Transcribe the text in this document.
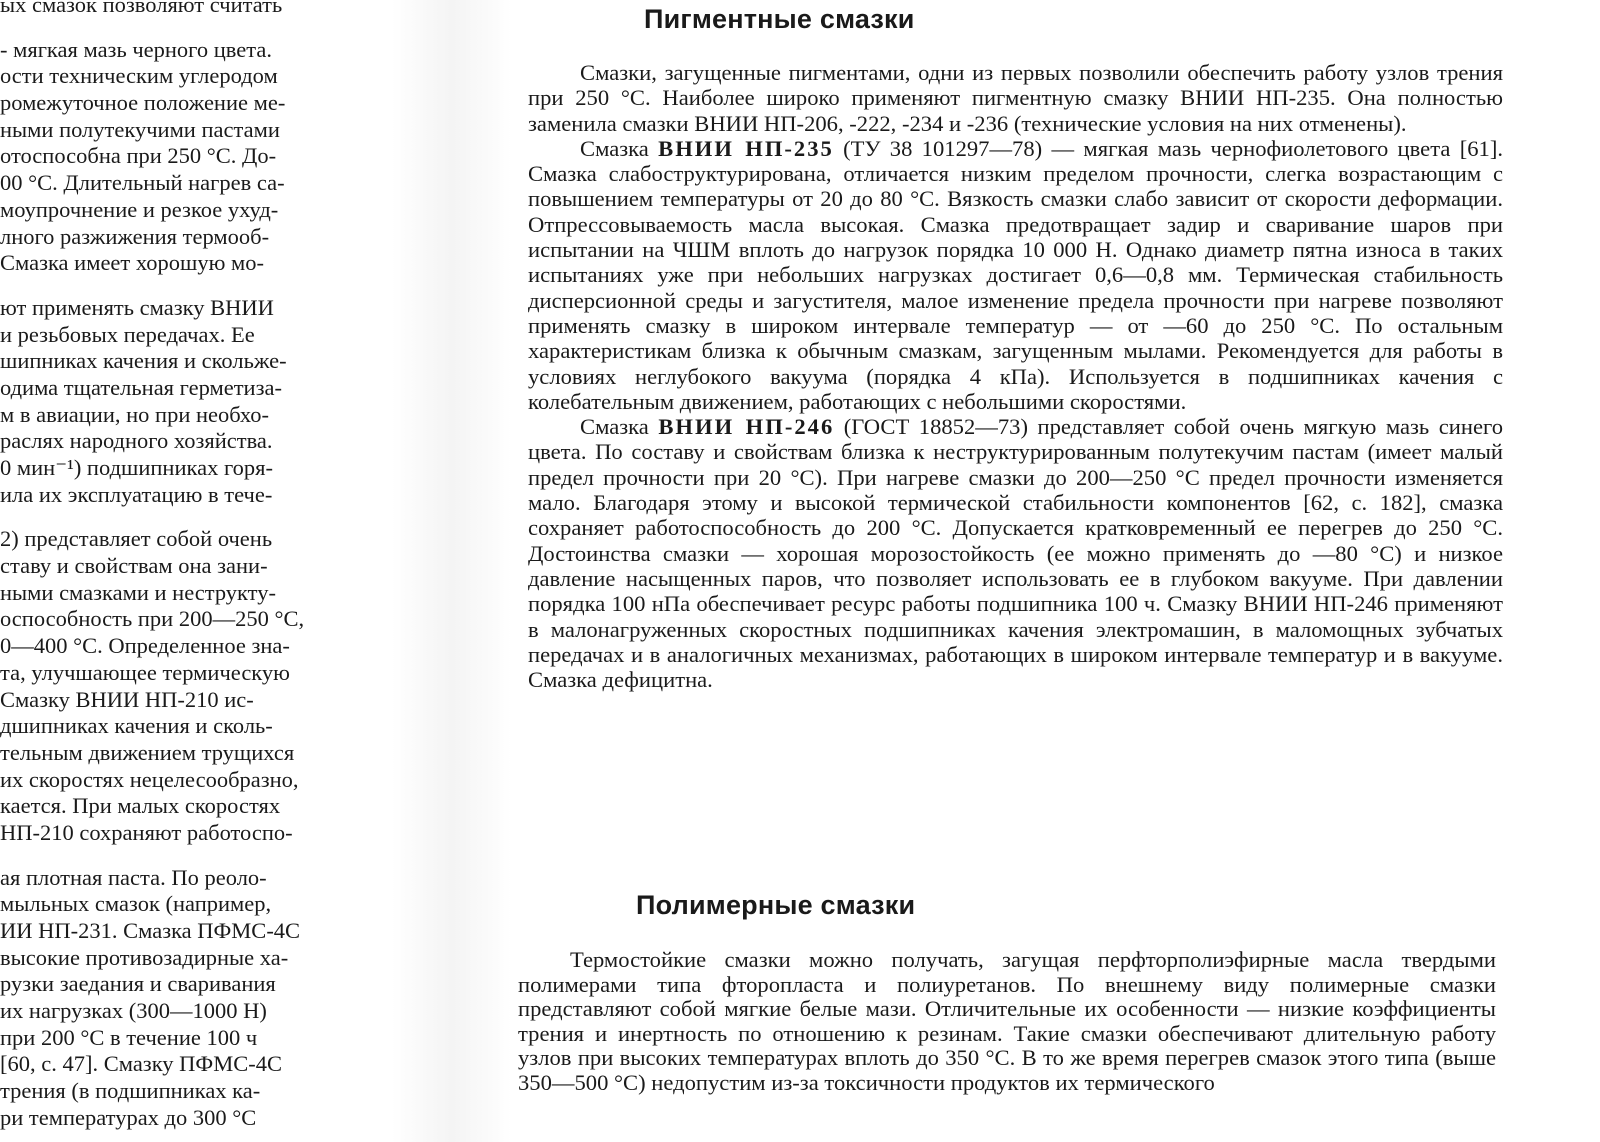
ых смазок позволяют считать
- мягкая мазь черного цвета.
ости техническим углеродом
ромежуточное положение ме-
ными полутекучими пастами
отоспособна при 250 °С. До-
00 °С. Длительный нагрев са-
моупрочнение и резкое ухуд-
лного разжижения термооб-
Смазка имеет хорошую мо-
ют применять смазку ВНИИ
и резьбовых передачах. Ее
шипниках качения и скольже-
одима тщательная герметиза-
м в авиации, но при необхо-
раслях народного хозяйства.
0 мин⁻¹) подшипниках горя-
ила их эксплуатацию в тече-
2) представляет собой очень
ставу и свойствам она зани-
ными смазками и неструкту-
оспособность при 200—250 °С,
0—400 °С. Определенное зна-
та, улучшающее термическую
Смазку ВНИИ НП-210 ис-
дшипниках качения и сколь-
тельным движением трущихся
их скоростях нецелесообразно,
кается. При малых скоростях
НП-210 сохраняют работоспо-
ая плотная паста. По реоло-
мыльных смазок (например,
ИИ НП-231. Смазка ПФМС-4С
высокие противозадирные ха-
рузки заедания и сваривания
их нагрузках (300—1000 Н)
при 200 °С в течение 100 ч
[60, с. 47]. Смазку ПФМС-4С
трения (в подшипниках ка-
ри температурах до 300 °С
Пигментные смазки

Смазки, загущенные пигментами, одни из первых позволили обеспечить работу узлов трения при 250 °С. Наиболее широко применяют пигментную смазку ВНИИ НП-235. Она полностью заменила смазки ВНИИ НП-206, -222, -234 и -236 (технические условия на них отменены).

Смазка ВНИИ НП-235 (ТУ 38 101297—78) — мягкая мазь чернофиолетового цвета [61]. Смазка слабоструктурирована, отличается низким пределом прочности, слегка возрастающим с повышением температуры от 20 до 80 °С. Вязкость смазки слабо зависит от скорости деформации. Отпрессовываемость масла высокая. Смазка предотвращает задир и сваривание шаров при испытании на ЧШМ вплоть до нагрузок порядка 10 000 Н. Однако диаметр пятна износа в таких испытаниях уже при небольших нагрузках достигает 0,6—0,8 мм. Термическая стабильность дисперсионной среды и загустителя, малое изменение предела прочности при нагреве позволяют применять смазку в широком интервале температур — от —60 до 250 °С. По остальным характеристикам близка к обычным смазкам, загущенным мылами. Рекомендуется для работы в условиях неглубокого вакуума (порядка 4 кПа). Используется в подшипниках качения с колебательным движением, работающих с небольшими скоростями.

Смазка ВНИИ НП-246 (ГОСТ 18852—73) представляет собой очень мягкую мазь синего цвета. По составу и свойствам близка к неструктурированным полутекучим пастам (имеет малый предел прочности при 20 °С). При нагреве смазки до 200—250 °С предел прочности изменяется мало. Благодаря этому и высокой термической стабильности компонентов [62, с. 182], смазка сохраняет работоспособность до 200 °С. Допускается кратковременный ее перегрев до 250 °С. Достоинства смазки — хорошая морозостойкость (ее можно применять до —80 °С) и низкое давление насыщенных паров, что позволяет использовать ее в глубоком вакууме. При давлении порядка 100 нПа обеспечивает ресурс работы подшипника 100 ч. Смазку ВНИИ НП-246 применяют в малонагруженных скоростных подшипниках качения электромашин, в маломощных зубчатых передачах и в аналогичных механизмах, работающих в широком интервале температур и в вакууме. Смазка дефицитна.

Полимерные смазки

Термостойкие смазки можно получать, загущая перфторполиэфирные масла твердыми полимерами типа фторопласта и полиуретанов. По внешнему виду полимерные смазки представляют собой мягкие белые мази. Отличительные их особенности — низкие коэффициенты трения и инертность по отношению к резинам. Такие смазки обеспечивают длительную работу узлов при высоких температурах вплоть до 350 °С. В то же время перегрев смазок этого типа (выше 350—500 °С) недопустим из-за токсичности продуктов их термического
